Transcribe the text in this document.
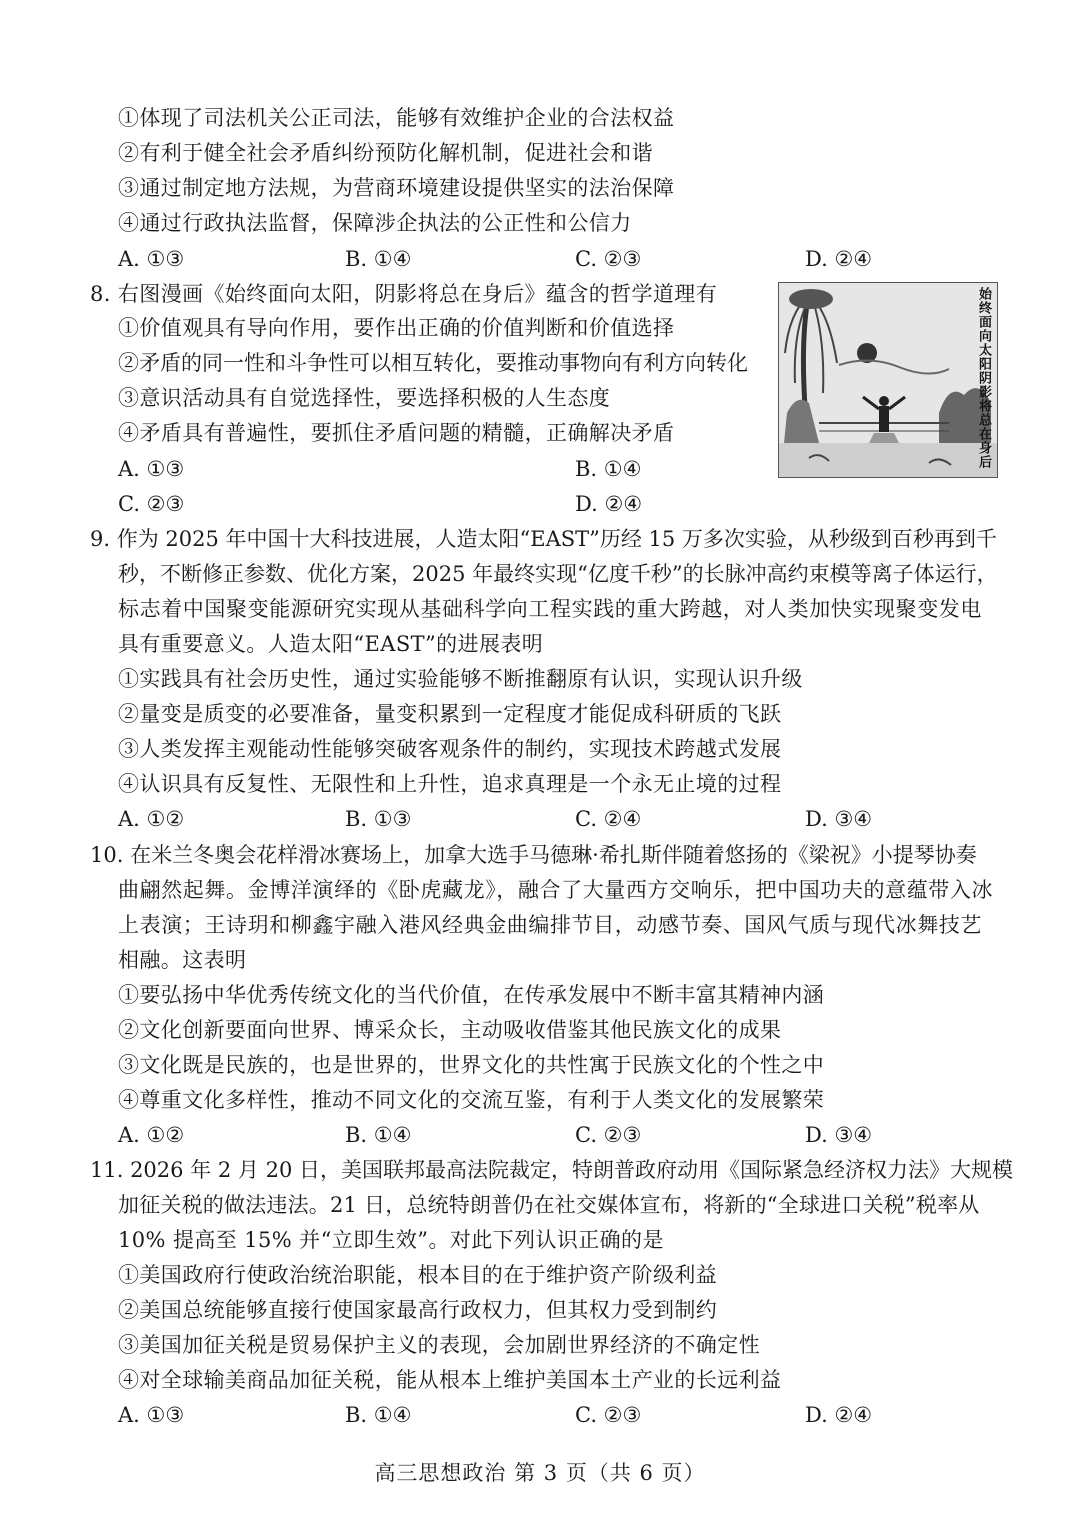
①体现了司法机关公正司法，能够有效维护企业的合法权益
②有利于健全社会矛盾纠纷预防化解机制，促进社会和谐
③通过制定地方法规，为营商环境建设提供坚实的法治保障
④通过行政执法监督，保障涉企执法的公正性和公信力
A. ①③	B. ①④	C. ②③	D. ②④
8. 右图漫画《始终面向太阳，阴影将总在身后》蕴含的哲学道理有
①价值观具有导向作用，要作出正确的价值判断和价值选择
②矛盾的同一性和斗争性可以相互转化，要推动事物向有利方向转化
③意识活动具有自觉选择性，要选择积极的人生态度
④矛盾具有普遍性，要抓住矛盾问题的精髓，正确解决矛盾
A. ①③	B. ①④
C. ②③	D. ②④
始终面向太阳阴影将总在身后
9. 作为 2025 年中国十大科技进展，人造太阳“EAST”历经 15 万多次实验，从秒级到百秒再到千
秒，不断修正参数、优化方案，2025 年最终实现“亿度千秒”的长脉冲高约束模等离子体运行，
标志着中国聚变能源研究实现从基础科学向工程实践的重大跨越，对人类加快实现聚变发电
具有重要意义。人造太阳“EAST”的进展表明
①实践具有社会历史性，通过实验能够不断推翻原有认识，实现认识升级
②量变是质变的必要准备，量变积累到一定程度才能促成科研质的飞跃
③人类发挥主观能动性能够突破客观条件的制约，实现技术跨越式发展
④认识具有反复性、无限性和上升性，追求真理是一个永无止境的过程
A. ①②	B. ①③	C. ②④	D. ③④
10. 在米兰冬奥会花样滑冰赛场上，加拿大选手马德琳·希扎斯伴随着悠扬的《梁祝》小提琴协奏
曲翩然起舞。金博洋演绎的《卧虎藏龙》，融合了大量西方交响乐，把中国功夫的意蕴带入冰
上表演；王诗玥和柳鑫宇融入港风经典金曲编排节目，动感节奏、国风气质与现代冰舞技艺
相融。这表明
①要弘扬中华优秀传统文化的当代价值，在传承发展中不断丰富其精神内涵
②文化创新要面向世界、博采众长，主动吸收借鉴其他民族文化的成果
③文化既是民族的，也是世界的，世界文化的共性寓于民族文化的个性之中
④尊重文化多样性，推动不同文化的交流互鉴，有利于人类文化的发展繁荣
A. ①②	B. ①④	C. ②③	D. ③④
11. 2026 年 2 月 20 日，美国联邦最高法院裁定，特朗普政府动用《国际紧急经济权力法》大规模
加征关税的做法违法。21 日，总统特朗普仍在社交媒体宣布，将新的“全球进口关税”税率从
10% 提高至 15% 并“立即生效”。对此下列认识正确的是
①美国政府行使政治统治职能，根本目的在于维护资产阶级利益
②美国总统能够直接行使国家最高行政权力，但其权力受到制约
③美国加征关税是贸易保护主义的表现，会加剧世界经济的不确定性
④对全球输美商品加征关税，能从根本上维护美国本土产业的长远利益
A. ①③	B. ①④	C. ②③	D. ②④
高三思想政治 第 3 页（共 6 页）
